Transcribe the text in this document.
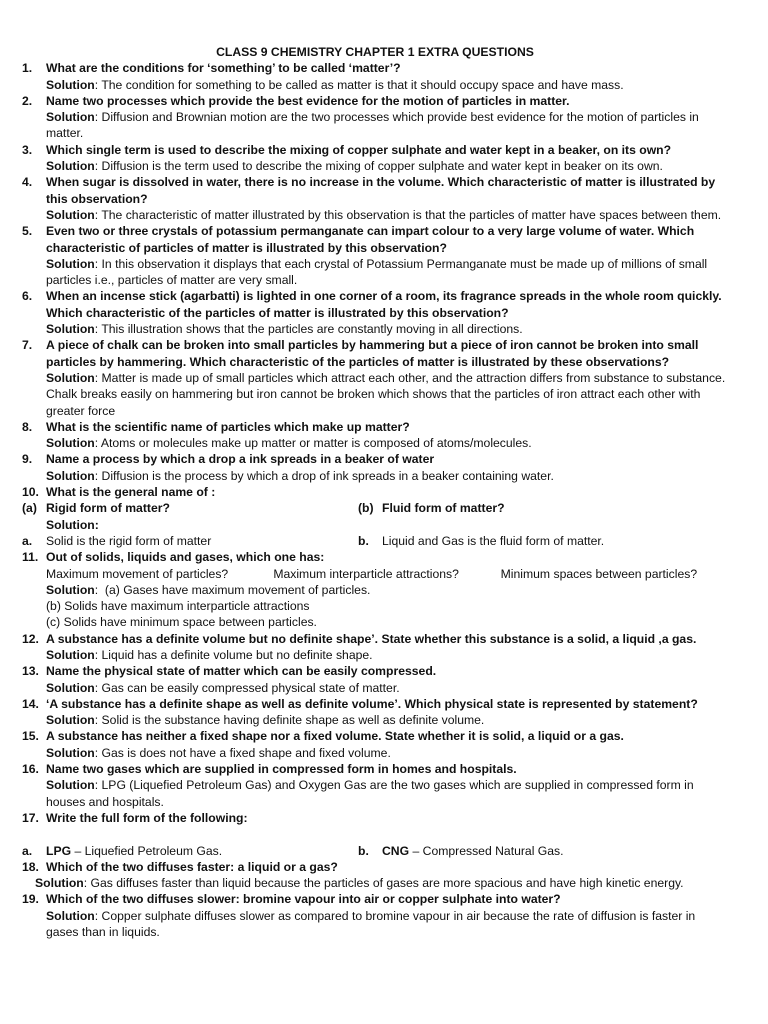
CLASS 9 CHEMISTRY CHAPTER 1 EXTRA QUESTIONS
1.	What are the conditions for ‘something’ to be called ‘matter’?
Solution: The condition for something to be called as matter is that it should occupy space and have mass.
2.	Name two processes which provide the best evidence for the motion of particles in matter.
Solution: Diffusion and Brownian motion are the two processes which provide best evidence for the motion of particles in matter.
3.	Which single term is used to describe the mixing of copper sulphate and water kept in a beaker, on its own?
Solution: Diffusion is the term used to describe the mixing of copper sulphate and water kept in beaker on its own.
4.	When sugar is dissolved in water, there is no increase in the volume. Which characteristic of matter is illustrated by this observation?
Solution: The characteristic of matter illustrated by this observation is that the particles of matter have spaces between them.
5.	Even two or three crystals of potassium permanganate can impart colour to a very large volume of water. Which characteristic of particles of matter is illustrated by this observation?
Solution: In this observation it displays that each crystal of Potassium Permanganate must be made up of millions of small particles i.e., particles of matter are very small.
6.	When an incense stick (agarbatti) is lighted in one corner of a room, its fragrance spreads in the whole room quickly. Which characteristic of the particles of matter is illustrated by this observation?
Solution: This illustration shows that the particles are constantly moving in all directions.
7.	A piece of chalk can be broken into small particles by hammering but a piece of iron cannot be broken into small particles by hammering. Which characteristic of the particles of matter is illustrated by these observations?
Solution: Matter is made up of small particles which attract each other, and the attraction differs from substance to substance. Chalk breaks easily on hammering but iron cannot be broken which shows that the particles of iron attract each other with greater force
8.	What is the scientific name of particles which make up matter?
Solution: Atoms or molecules make up matter or matter is composed of atoms/molecules.
9.	Name a process by which a drop a ink spreads in a beaker of water
Solution: Diffusion is the process by which a drop of ink spreads in a beaker containing water.
10. What is the general name of :
(a) Rigid form of matter?	(b) Fluid form of matter?
Solution:
a.	Solid is the rigid form of matter	b.	Liquid and Gas is the fluid form of matter.
11. Out of solids, liquids and gases, which one has:
Maximum movement of particles?	Maximum interparticle attractions?	Minimum spaces between particles?
Solution:  (a) Gases have maximum movement of particles.
(b) Solids have maximum interparticle attractions
(c) Solids have minimum space between particles.
12. A substance has a definite volume but no definite shape’. State whether this substance is a solid, a liquid ,a gas.
Solution: Liquid has a definite volume but no definite shape.
13. Name the physical state of matter which can be easily compressed.
Solution: Gas can be easily compressed physical state of matter.
14. ‘A substance has a definite shape as well as definite volume’. Which physical state is represented by statement?
Solution: Solid is the substance having definite shape as well as definite volume.
15. A substance has neither a fixed shape nor a fixed volume. State whether it is solid, a liquid or a gas.
Solution: Gas is does not have a fixed shape and fixed volume.
16. Name two gases which are supplied in compressed form in homes and hospitals.
Solution: LPG (Liquefied Petroleum Gas) and Oxygen Gas are the two gases which are supplied in compressed form in houses and hospitals.
17. Write the full form of the following:
a.	LPG – Liquefied Petroleum Gas.	b.	CNG – Compressed Natural Gas.
18. Which of the two diffuses faster: a liquid or a gas?
Solution: Gas diffuses faster than liquid because the particles of gases are more spacious and have high kinetic energy.
19. Which of the two diffuses slower: bromine vapour into air or copper sulphate into water?
Solution: Copper sulphate diffuses slower as compared to bromine vapour in air because the rate of diffusion is faster in gases than in liquids.
